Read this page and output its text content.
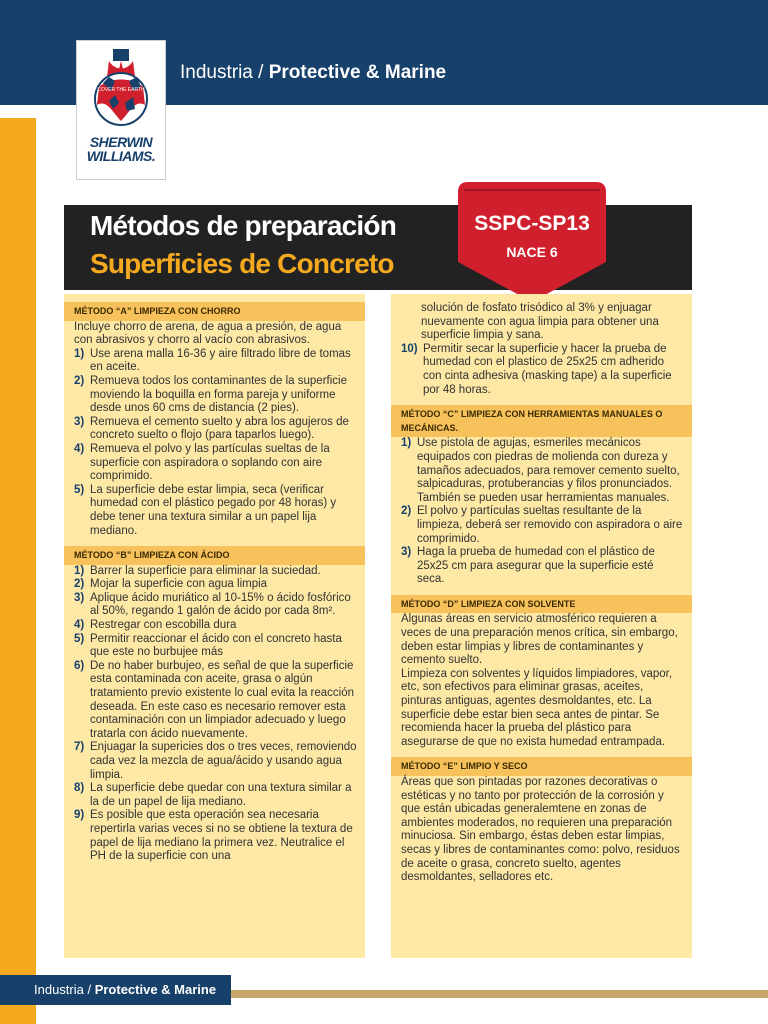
COVER THE EARTH
SHERWIN
WILLIAMS.
Industria / Protective & Marine
Métodos de preparación
Superficies de Concreto
SSPC-SP13
NACE 6
MÉTODO “A” LIMPIEZA CON CHORRO

Incluye chorro de arena, de agua a presión, de agua con abrasivos y chorro al vacío con abrasivos.

1) Use arena malla 16-36 y aire filtrado libre de tomas en aceite.
2) Remueva todos los contaminantes de la superficie moviendo la boquilla en forma pareja y uniforme desde unos 60 cms de distancia (2 pies).
3) Remueva el cemento suelto y abra los agujeros de concreto suelto o flojo (para taparlos luego).
4) Remueva el polvo y las partículas sueltas de la superficie con aspiradora o soplando con aire comprimido.
5) La superficie debe estar limpia, seca (verificar humedad con el plástico pegado por 48 horas) y debe tener una textura similar a un papel lija mediano.
MÉTODO “B” LIMPIEZA CON ÁCIDO
1) Barrer la superficie para eliminar la suciedad.
2) Mojar la superficie con agua limpia
3) Aplique ácido muriático al 10-15% o ácido fosfórico al 50%, regando 1 galón de ácido por cada 8m².
4) Restregar con escobilla dura
5) Permitir reaccionar el ácido con el concreto hasta que este no burbujee más
6) De no haber burbujeo, es señal de que la superficie esta contaminada con aceite, grasa o algún tratamiento previo existente lo cual evita la reacción deseada. En este caso es necesario remover esta contaminación con un limpiador adecuado y luego tratarla con ácido nuevamente.
7) Enjuagar la supericies dos o tres veces, removiendo cada vez la mezcla de agua/ácido y usando agua limpia.
8) La superficie debe quedar con una textura similar a la de un papel de lija mediano.
9) Es posible que esta operación sea necesaria repertirla varias veces si no se obtiene la textura de papel de lija mediano la primera vez. Neutralice el PH de la superficie con una

solución de fosfato trisódico al 3% y enjuagar nuevamente con agua limpia para obtener una superficie limpia y sana.

10) Permitir secar la superficie y hacer la prueba de humedad con el plastico de 25x25 cm adherido con cinta adhesiva (masking tape) a la superficie por 48 horas.
MÉTODO “C” LIMPIEZA CON HERRAMIENTAS MANUALES O MECÁNICAS.
1) Use pistola de agujas, esmeriles mecánicos equipados con piedras de molienda con dureza y tamaños adecuados, para remover cemento suelto, salpicaduras, protuberancias y filos pronunciados. También se pueden usar herramientas manuales.
2) El polvo y partículas sueltas resultante de la limpieza, deberá ser removido con aspiradora o aire comprimido.
3) Haga la prueba de humedad con el plástico de 25x25 cm para asegurar que la superficie esté seca.
MÉTODO “D” LIMPIEZA CON SOLVENTE

Algunas áreas en servicio atmosférico requieren a veces de una preparación menos crítica, sin embargo, deben estar limpias y libres de contaminantes y cemento suelto.

Limpieza con solventes y líquidos limpiadores, vapor, etc, son efectivos para eliminar grasas, aceites, pinturas antiguas, agentes desmoldantes, etc. La superficie debe estar bien seca antes de pintar. Se recomienda hacer la prueba del plástico para asegurarse de que no exista humedad entrampada.

MÉTODO “E” LIMPIO Y SECO

Áreas que son pintadas por razones decorativas o estéticas y no tanto por protección de la corrosión y que están ubicadas generalemtene en zonas de ambientes moderados, no requieren una preparación minuciosa. Sin embargo, éstas deben estar limpias, secas y libres de contaminantes como: polvo, residuos de aceite o grasa, concreto suelto, agentes desmoldantes, selladores etc.

Industria / Protective & Marine
